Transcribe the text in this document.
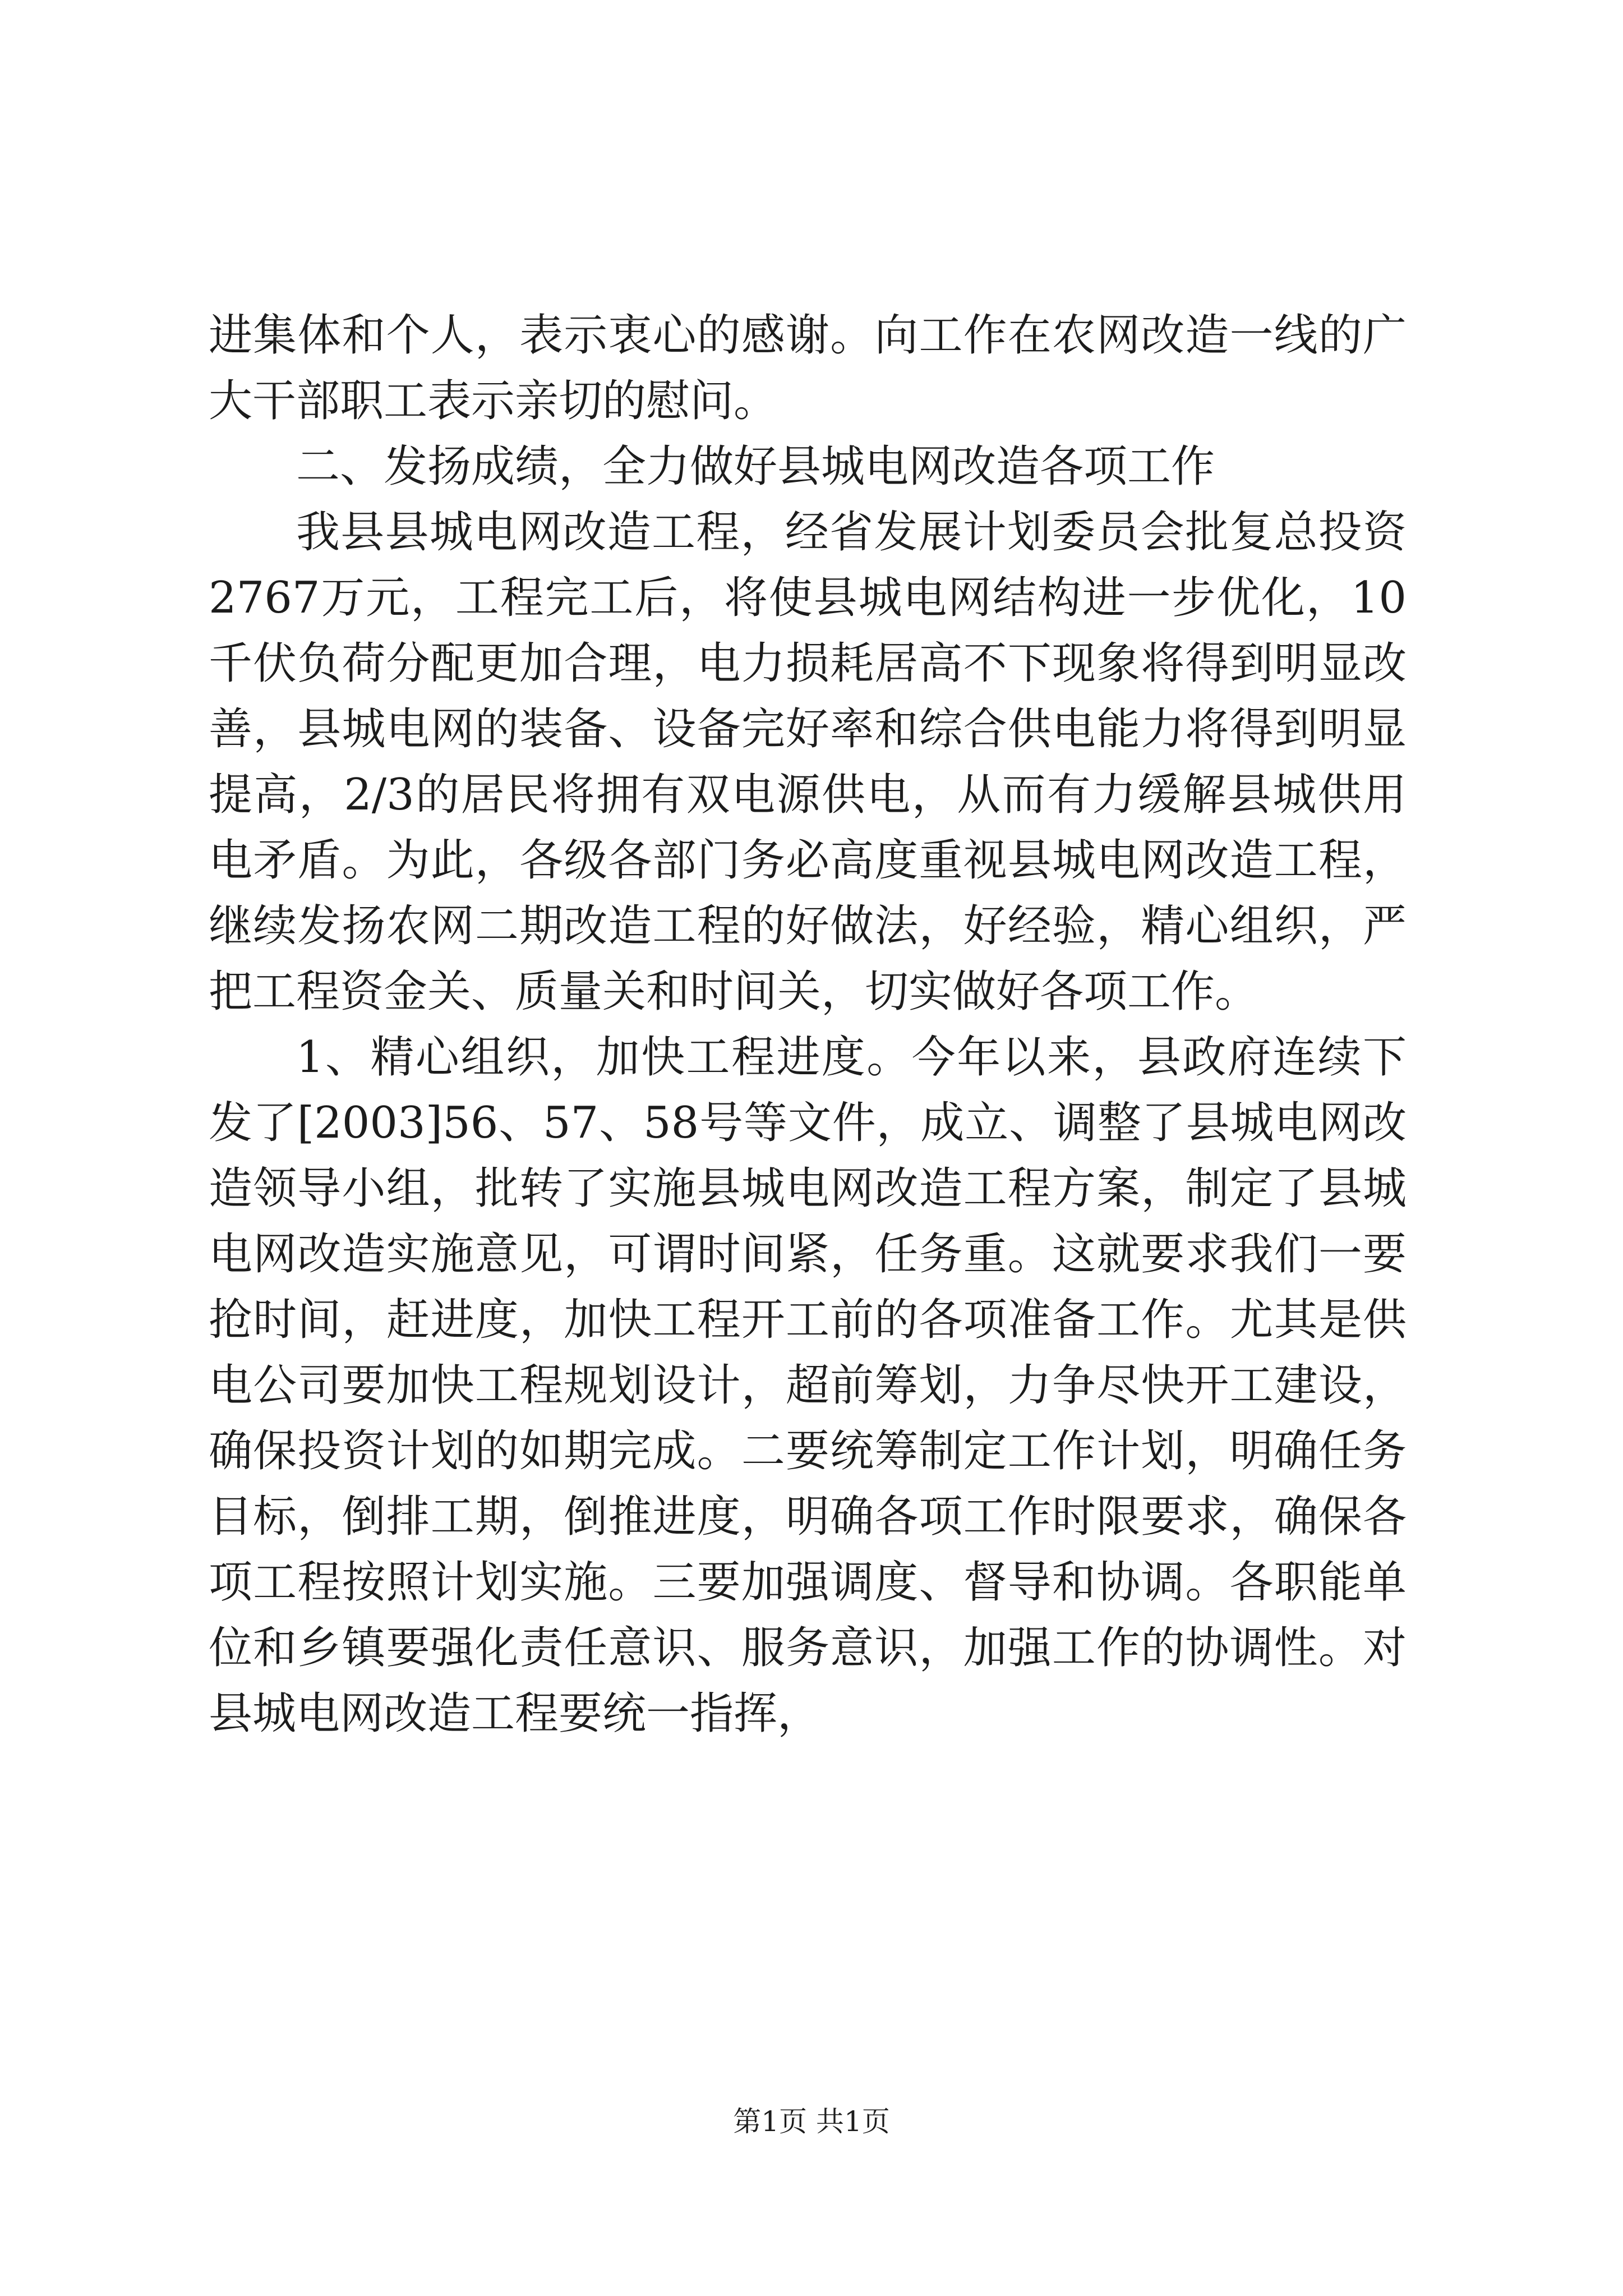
进集体和个人，表示衷心的感谢。向工作在农网改造一线的广大干部职工表示亲切的慰问。

二、发扬成绩，全力做好县城电网改造各项工作

我县县城电网改造工程，经省发展计划委员会批复总投资2767万元，工程完工后，将使县城电网结构进一步优化，10千伏负荷分配更加合理，电力损耗居高不下现象将得到明显改善，县城电网的装备、设备完好率和综合供电能力将得到明显提高，2/3的居民将拥有双电源供电，从而有力缓解县城供用电矛盾。为此，各级各部门务必高度重视县城电网改造工程，继续发扬农网二期改造工程的好做法，好经验，精心组织，严把工程资金关、质量关和时间关，切实做好各项工作。

1、精心组织，加快工程进度。今年以来，县政府连续下发了[2003]56、57、58号等文件，成立、调整了县城电网改造领导小组，批转了实施县城电网改造工程方案，制定了县城电网改造实施意见，可谓时间紧，任务重。这就要求我们一要抢时间，赶进度，加快工程开工前的各项准备工作。尤其是供电公司要加快工程规划设计，超前筹划，力争尽快开工建设，确保投资计划的如期完成。二要统筹制定工作计划，明确任务目标，倒排工期，倒推进度，明确各项工作时限要求，确保各项工程按照计划实施。三要加强调度、督导和协调。各职能单位和乡镇要强化责任意识、服务意识，加强工作的协调性。对县城电网改造工程要统一指挥，

第1页 共1页
